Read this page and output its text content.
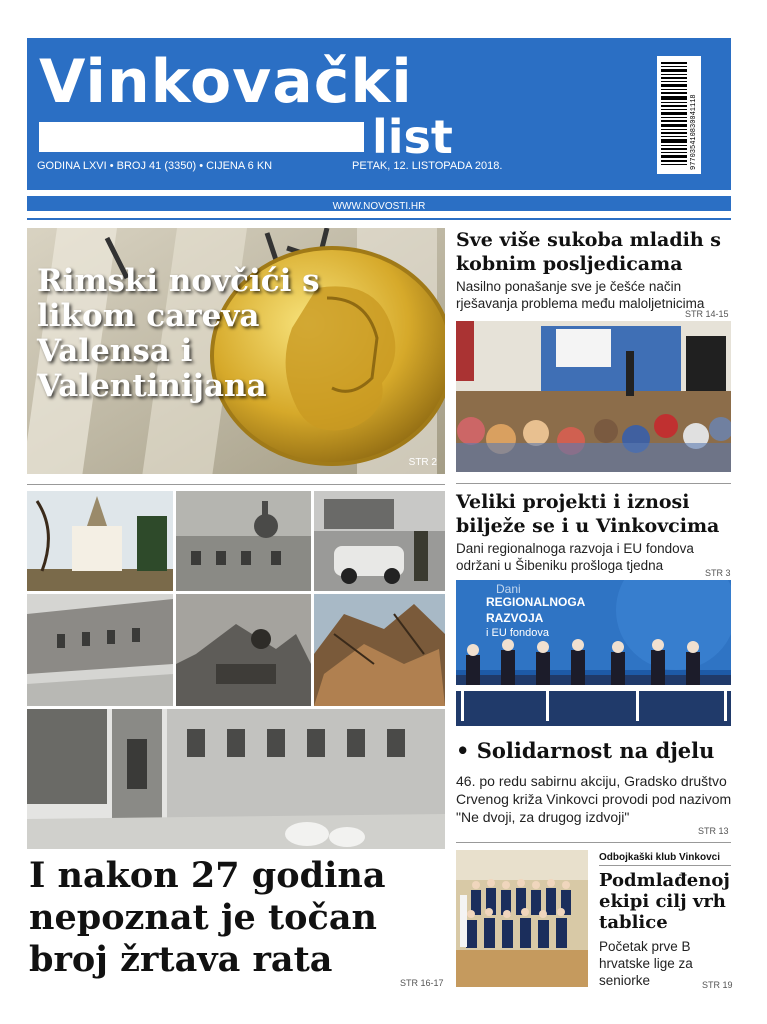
Vinkovački
list
GODINA LXVI • BROJ 41 (3350) • CIJENA 6 KN	PETAK, 12. LISTOPADA 2018.	977035410830041118
WWW.NOVOSTI.HR
Rimski novčići s likom careva Valensa i Valentinijana
STR 2
Sve više sukoba mladih s kobnim posljedicama
Nasilno ponašanje sve je češće način rješavanja problema među maloljetnicima
STR 14-15
Veliki projekti i iznosi bilježe se i u Vinkovcima
Dani regionalnoga razvoja i EU fondova održani u Šibeniku prošloga tjedna	STR 3
Dani
REGIONALNOGA
RAZVOJA
i EU fondova
• Solidarnost na djelu
46. po redu sabirnu akciju, Gradsko društvo Crvenog križa Vinkovci provodi pod nazivom "Ne dvoji, za drugog izdvoji"
STR 13
Odbojkaški klub Vinkovci
Podmlađenoj ekipi cilj vrh tablice
Početak prve B hrvatske lige za seniorke	STR 19
I nakon 27 godina nepoznat je točan broj žrtava rata
STR 16-17
